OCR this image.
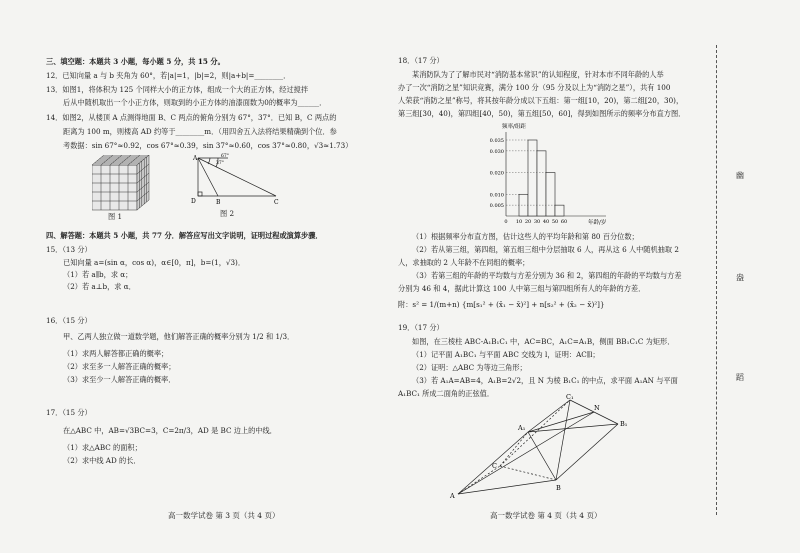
三、填空题：本题共 3 小题，每小题 5 分，共 15 分。
12．已知向量 a 与 b 夹角为 60°，若|a|=1，|b|=2，则|a+b|=________．
13．如图1，将体积为 125 个同样大小的正方体，组成一个大的正方体，经过搅拌
后从中随机取出一个小正方体，则取到的小正方体的油漆面数为0的概率为______．
14．如图2，从楼顶 A 点测得地面 B、C 两点的俯角分别为 67°，37°．已知 B，C 两点的
距离为 100 m，则楼高 AD 约等于________m．（用四舍五入法将结果精确到个位．参
考数据：sin 67°≈0.92，cos 67°≈0.39，sin 37°≈0.60，cos 37°≈0.80，√3≈1.73）
图 1
A
D	B	C
37°
67°
图 2
四、解答题：本题共 5 小题，共 77 分．解答应写出文字说明，证明过程或演算步骤．
15．（13 分）
已知向量 a=(sin α，cos α)，α∈[0，π]，b=(1，√3)．
（1）若 a∥b，求 α；
（2）若 a⊥b，求 α．
16．（15 分）
甲、乙两人独立做一道数学题，他们解答正确的概率分别为 1/2 和 1/3．
（1）求两人解答都正确的概率；
（2）求至多一人解答正确的概率；
（3）求至少一人解答正确的概率．
17．（15 分）
在△ABC 中，AB=√3BC=3，C=2π/3，AD 是 BC 边上的中线．
（1）求△ABC 的面积；
（2）求中线 AD 的长．
高一数学试卷 第 3 页（共 4 页）
18．（17 分）
某消防队为了了解市民对“消防基本常识”的认知程度，针对本市不同年龄的人举
办了一次“消防之星”知识竞赛，满分 100 分（95 分及以上为“消防之星”），共有 100
人荣获“消防之星”称号，将其按年龄分成以下五组：第一组[10，20)，第二组[20，30)，
第三组[30，40)，第四组[40，50)，第五组[50，60]，得到如图所示的频率分布直方图．
频率/组距
年龄/岁
0.005
0.010
0.020
0.030
0.035
0 10 20 30 40 50 60
（1）根据频率分布直方图，估计这些人的平均年龄和第 80 百分位数；
（2）若从第三组，第四组，第五组三组中分层抽取 6 人，再从这 6 人中随机抽取 2
人，求抽取的 2 人年龄不在同组的概率；
（3）若第三组的年龄的平均数与方差分别为 36 和 2，第四组的年龄的平均数与方差
分别为 46 和 4，据此计算这 100 人中第三组与第四组所有人的年龄的方差．
附：s² = 1/(m+n) {m[s₁² + (x̄₁ − x̄)²] + n[s₂² + (x̄₂ − x̄)²]}
19．（17 分）
如图，在三棱柱 ABC-A₁B₁C₁ 中，AC=BC，A₁C=A₁B，侧面 BB₁C₁C 为矩形．
（1）记平面 A₁BC₁ 与平面 ABC 交线为 l，证明：AC∥l；
（2）证明：△ABC 为等边三角形；
（3）若 A₁A=AB=4，A₁B=2√2，且 N 为棱 B₁C₁ 的中点，求平面 A₁AN 与平面
A₁BC₁ 所成二面角的正弦值．
A
B
C
A₁	B₁
C₁
N
高一数学试卷 第 4 页（共 4 页）
幽
盎
蹈
